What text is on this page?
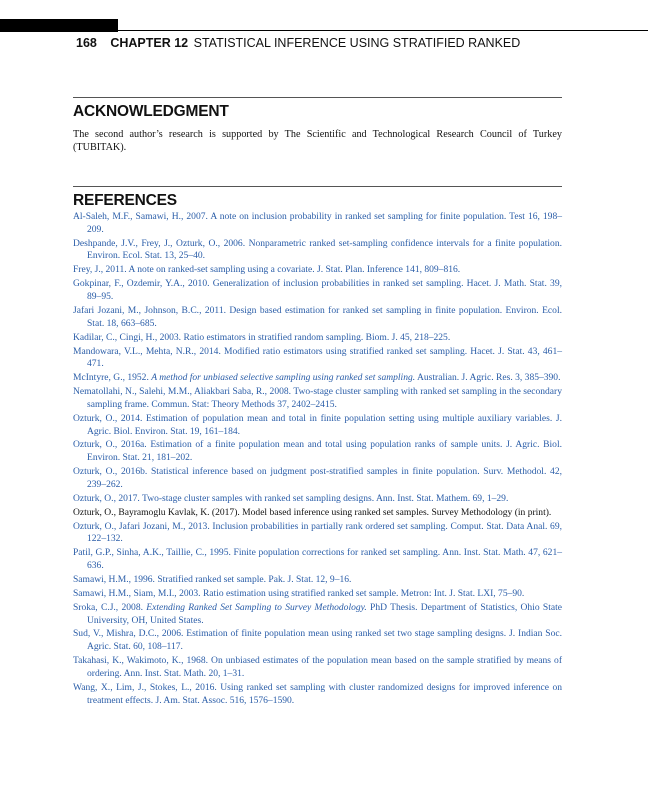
168 CHAPTER 12 STATISTICAL INFERENCE USING STRATIFIED RANKED
ACKNOWLEDGMENT

The second author’s research is supported by The Scientific and Technological Research Council of Turkey (TUBITAK).

REFERENCES
Al-Saleh, M.F., Samawi, H., 2007. A note on inclusion probability in ranked set sampling for finite population. Test 16, 198–209.
Deshpande, J.V., Frey, J., Ozturk, O., 2006. Nonparametric ranked set-sampling confidence intervals for a finite population. Environ. Ecol. Stat. 13, 25–40.
Frey, J., 2011. A note on ranked-set sampling using a covariate. J. Stat. Plan. Inference 141, 809–816.
Gokpinar, F., Ozdemir, Y.A., 2010. Generalization of inclusion probabilities in ranked set sampling. Hacet. J. Math. Stat. 39, 89–95.
Jafari Jozani, M., Johnson, B.C., 2011. Design based estimation for ranked set sampling in finite population. Environ. Ecol. Stat. 18, 663–685.
Kadilar, C., Cingi, H., 2003. Ratio estimators in stratified random sampling. Biom. J. 45, 218–225.
Mandowara, V.L., Mehta, N.R., 2014. Modified ratio estimators using stratified ranked set sampling. Hacet. J. Stat. 43, 461–471.
McIntyre, G., 1952. A method for unbiased selective sampling using ranked set sampling. Australian. J. Agric. Res. 3, 385–390.
Nematollahi, N., Salehi, M.M., Aliakbari Saba, R., 2008. Two-stage cluster sampling with ranked set sampling in the secondary sampling frame. Commun. Stat: Theory Methods 37, 2402–2415.
Ozturk, O., 2014. Estimation of population mean and total in finite population setting using multiple auxiliary variables. J. Agric. Biol. Environ. Stat. 19, 161–184.
Ozturk, O., 2016a. Estimation of a finite population mean and total using population ranks of sample units. J. Agric. Biol. Environ. Stat. 21, 181–202.
Ozturk, O., 2016b. Statistical inference based on judgment post-stratified samples in finite population. Surv. Methodol. 42, 239–262.
Ozturk, O., 2017. Two-stage cluster samples with ranked set sampling designs. Ann. Inst. Stat. Mathem. 69, 1–29.
Ozturk, O., Bayramoglu Kavlak, K. (2017). Model based inference using ranked set samples. Survey Methodology (in print).
Ozturk, O., Jafari Jozani, M., 2013. Inclusion probabilities in partially rank ordered set sampling. Comput. Stat. Data Anal. 69, 122–132.
Patil, G.P., Sinha, A.K., Taillie, C., 1995. Finite population corrections for ranked set sampling. Ann. Inst. Stat. Math. 47, 621–636.
Samawi, H.M., 1996. Stratified ranked set sample. Pak. J. Stat. 12, 9–16.
Samawi, H.M., Siam, M.I., 2003. Ratio estimation using stratified ranked set sample. Metron: Int. J. Stat. LXI, 75–90.
Sroka, C.J., 2008. Extending Ranked Set Sampling to Survey Methodology. PhD Thesis. Department of Statistics, Ohio State University, OH, United States.
Sud, V., Mishra, D.C., 2006. Estimation of finite population mean using ranked set two stage sampling designs. J. Indian Soc. Agric. Stat. 60, 108–117.
Takahasi, K., Wakimoto, K., 1968. On unbiased estimates of the population mean based on the sample stratified by means of ordering. Ann. Inst. Stat. Math. 20, 1–31.
Wang, X., Lim, J., Stokes, L., 2016. Using ranked set sampling with cluster randomized designs for improved inference on treatment effects. J. Am. Stat. Assoc. 516, 1576–1590.
